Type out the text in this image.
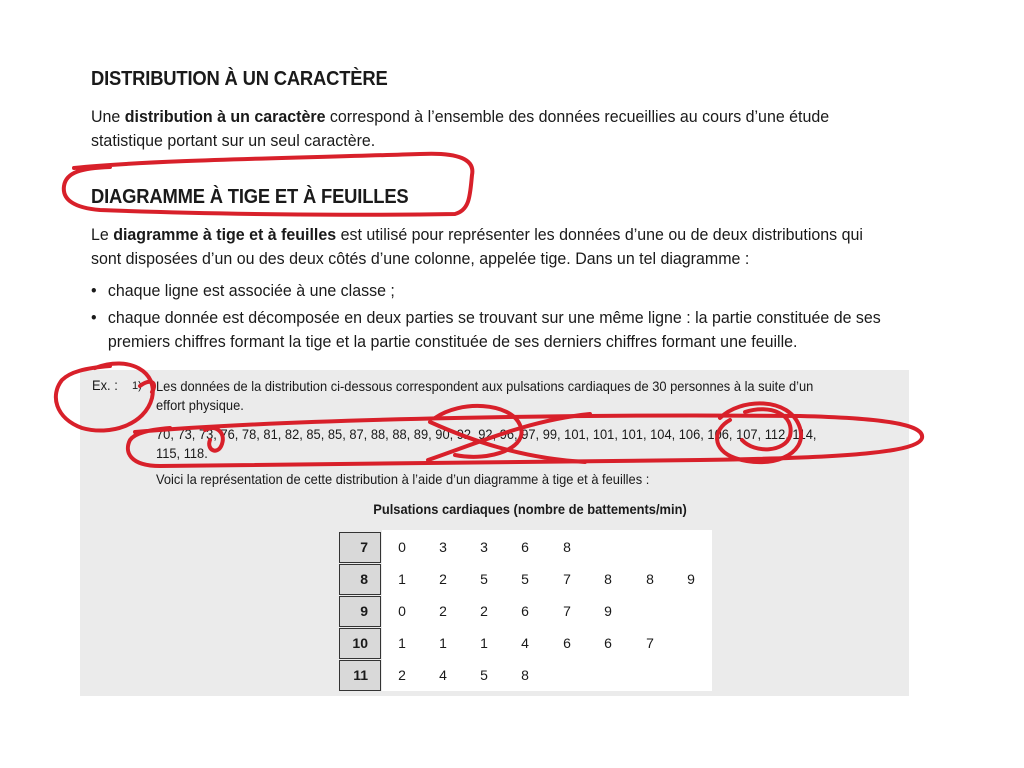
DISTRIBUTION À UN CARACTÈRE

Une distribution à un caractère correspond à l’ensemble des données recueillies au cours d’une étude statistique portant sur un seul caractère.

DIAGRAMME À TIGE ET À FEUILLES

Le diagramme à tige et à feuilles est utilisé pour représenter les données d’une ou de deux distributions qui sont disposées d’un ou des deux côtés d’une colonne, appelée tige. Dans un tel diagramme :

• chaque ligne est associée à une classe ;
• chaque donnée est décomposée en deux parties se trouvant sur une même ligne : la partie constituée de ses premiers chiffres formant la tige et la partie constituée de ses derniers chiffres formant une feuille.
Ex. : 1) Les données de la distribution ci-dessous correspondent aux pulsations cardiaques de 30 personnes à la suite d’un effort physique.
70, 73, 73, 76, 78, 81, 82, 85, 85, 87, 88, 88, 89, 90, 92, 92, 96, 97, 99, 101, 101, 101, 104, 106, 106, 107, 112, 114, 115, 118.
Voici la représentation de cette distribution à l’aide d’un diagramme à tige et à feuilles :
Pulsations cardiaques (nombre de battements/min)
7	0	3	3	6	8
8	1	2	5	5	7	8	8	9
9	0	2	2	6	7	9
10	1	1	1	4	6	6	7
11	2	4	5	8
